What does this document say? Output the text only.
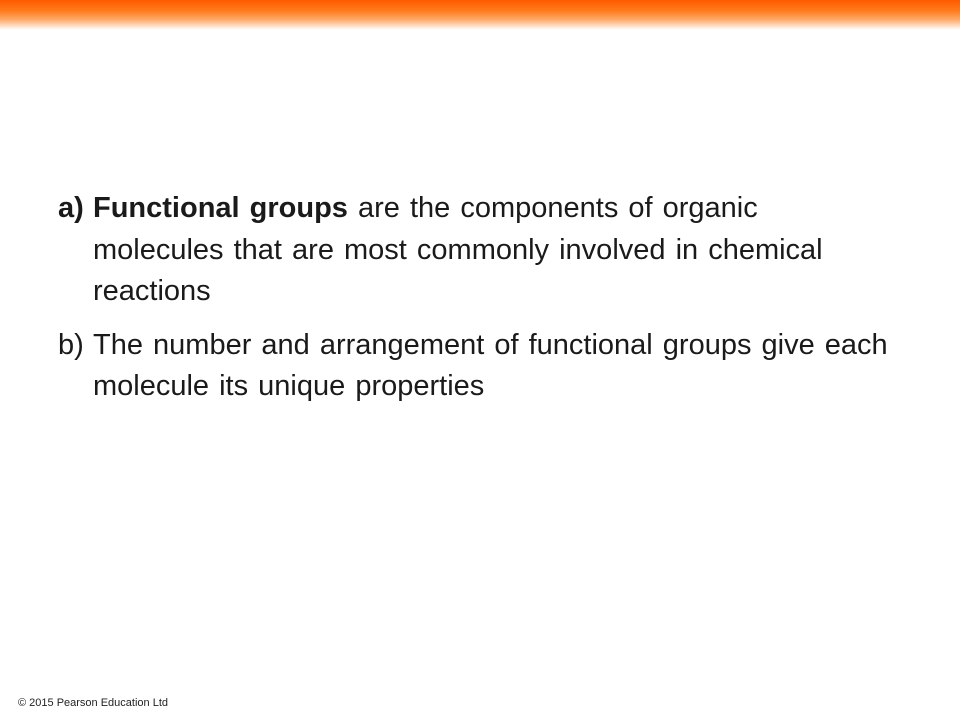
a) Functional groups are the components of organic molecules that are most commonly involved in chemical reactions
b) The number and arrangement of functional groups give each molecule its unique properties
© 2015 Pearson Education Ltd
